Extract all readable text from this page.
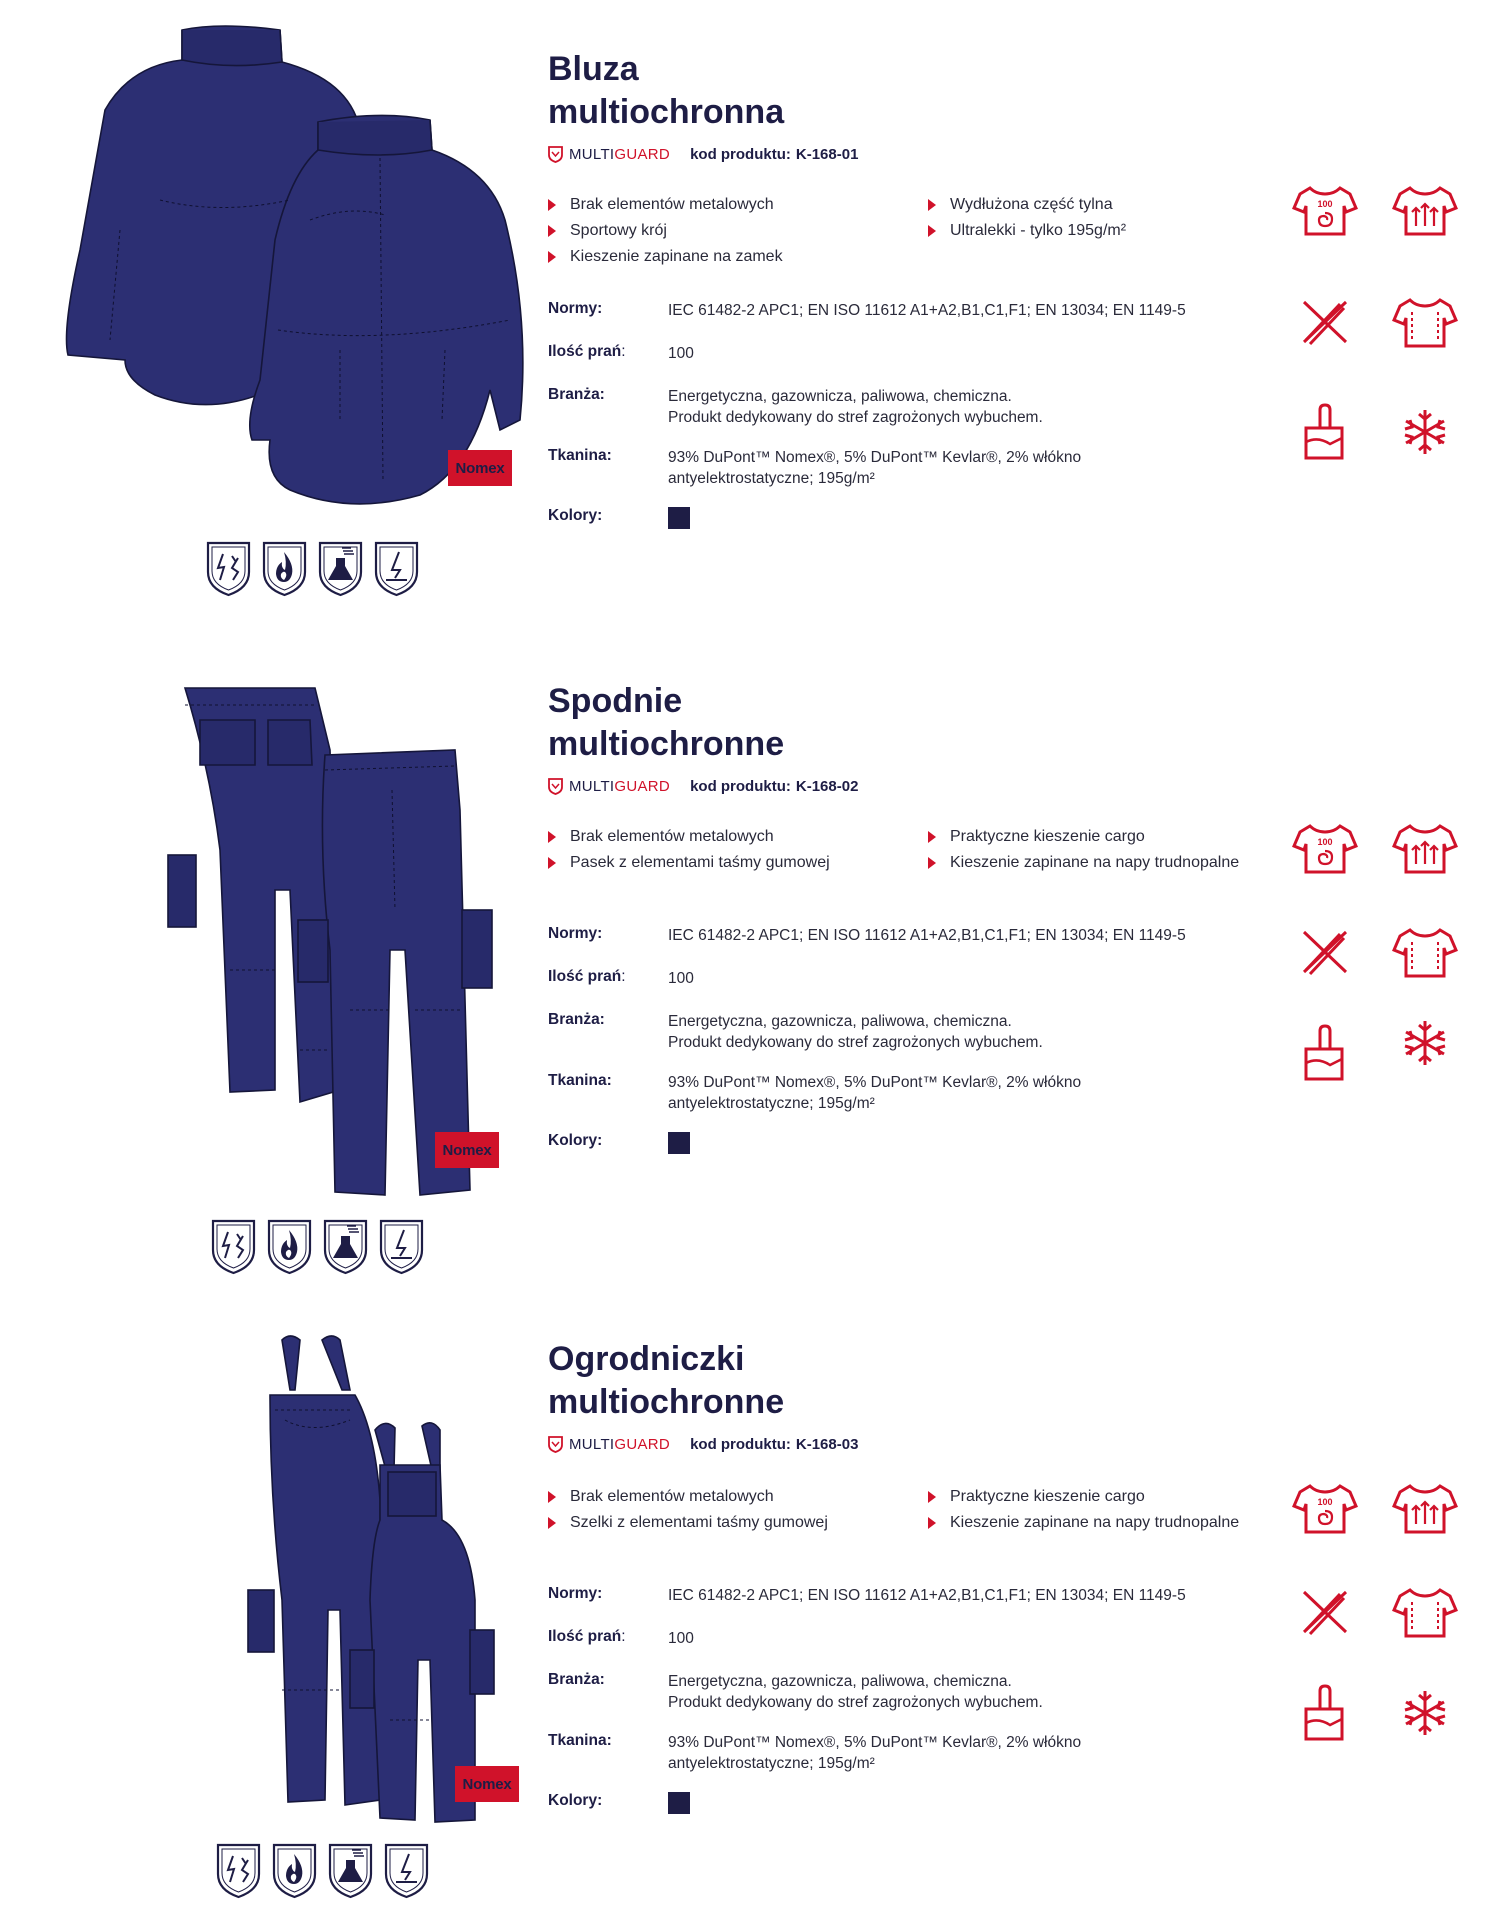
Nomex
Bluza
multiochronna
MULTI GUARD kod produktu: K-168-01
Brak elementów metalowych	Wydłużona część tylna
Sportowy krój	Ultralekki - tylko 195g/m²
Kieszenie zapinane na zamek
Normy:	IEC 61482-2 APC1; EN ISO 11612 A1+A2,B1,C1,F1; EN 13034; EN 1149-5
Ilość prań:	100
Branża:	Energetyczna, gazownicza, paliwowa, chemiczna.
Produkt dedykowany do stref zagrożonych wybuchem.
Tkanina:	93% DuPont™ Nomex®, 5% DuPont™ Kevlar®, 2% włókno
antyelektrostatyczne; 195g/m²
Kolory:
100
Nomex
Spodnie
multiochronne
MULTI GUARD kod produktu: K-168-02
Brak elementów metalowych	Praktyczne kieszenie cargo
Pasek z elementami taśmy gumowej	Kieszenie zapinane na napy trudnopalne
Normy:	IEC 61482-2 APC1; EN ISO 11612 A1+A2,B1,C1,F1; EN 13034; EN 1149-5
Ilość prań:	100
Branża:	Energetyczna, gazownicza, paliwowa, chemiczna.
Produkt dedykowany do stref zagrożonych wybuchem.
Tkanina:	93% DuPont™ Nomex®, 5% DuPont™ Kevlar®, 2% włókno
antyelektrostatyczne; 195g/m²
Kolory:
100
Nomex
Ogrodniczki
multiochronne
MULTI GUARD kod produktu: K-168-03
Brak elementów metalowych	Praktyczne kieszenie cargo
Szelki z elementami taśmy gumowej	Kieszenie zapinane na napy trudnopalne
Normy:	IEC 61482-2 APC1; EN ISO 11612 A1+A2,B1,C1,F1; EN 13034; EN 1149-5
Ilość prań:	100
Branża:	Energetyczna, gazownicza, paliwowa, chemiczna.
Produkt dedykowany do stref zagrożonych wybuchem.
Tkanina:	93% DuPont™ Nomex®, 5% DuPont™ Kevlar®, 2% włókno
antyelektrostatyczne; 195g/m²
Kolory:
100
